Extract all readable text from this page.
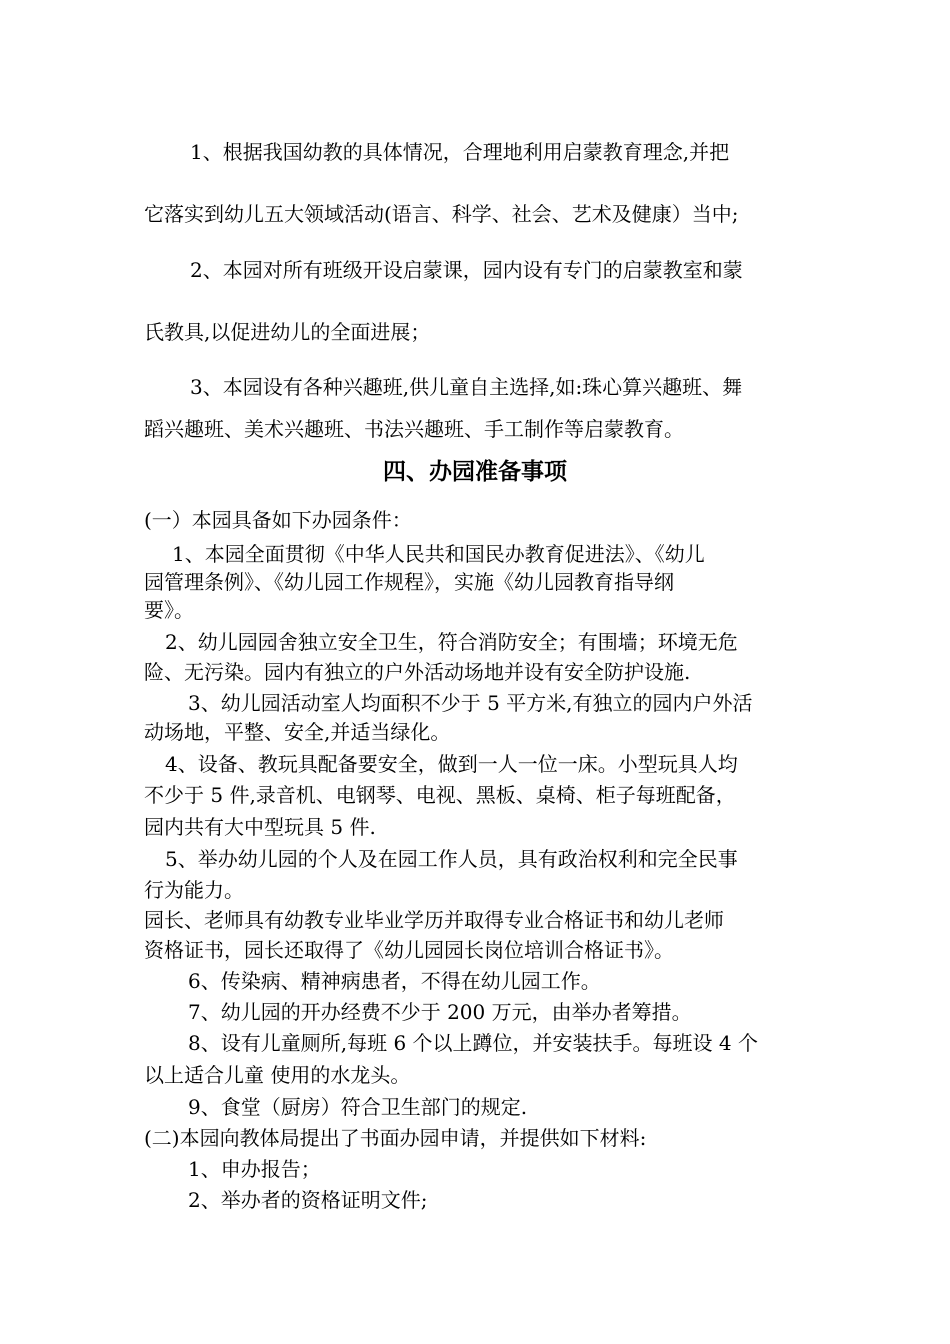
1、根据我国幼教的具体情况，合理地利用启蒙教育理念,并把
它落实到幼儿五大领域活动(语言、科学、社会、艺术及健康）当中;
2、本园对所有班级开设启蒙课，园内设有专门的启蒙教室和蒙
氏教具,以促进幼儿的全面进展；
3、本园设有各种兴趣班,供儿童自主选择,如:珠心算兴趣班、舞
蹈兴趣班、美术兴趣班、书法兴趣班、手工制作等启蒙教育。
四、办园准备事项
(一）本园具备如下办园条件：
1、本园全面贯彻《中华人民共和国民办教育促进法》、《幼儿
园管理条例》、《幼儿园工作规程》，实施《幼儿园教育指导纲
要》。
2、幼儿园园舍独立安全卫生，符合消防安全；有围墙；环境无危
险、无污染。园内有独立的户外活动场地并设有安全防护设施.
3、幼儿园活动室人均面积不少于 5 平方米,有独立的园内户外活
动场地，平整、安全,并适当绿化。
4、设备、教玩具配备要安全，做到一人一位一床。小型玩具人均
不少于 5 件,录音机、电钢琴、电视、黑板、桌椅、柜子每班配备，
园内共有大中型玩具 5 件.
5、举办幼儿园的个人及在园工作人员，具有政治权利和完全民事
行为能力。
园长、老师具有幼教专业毕业学历并取得专业合格证书和幼儿老师
资格证书，园长还取得了《幼儿园园长岗位培训合格证书》。
6、传染病、精神病患者，不得在幼儿园工作。
7、幼儿园的开办经费不少于 200 万元，由举办者筹措。
8、设有儿童厕所,每班 6 个以上蹲位，并安装扶手。每班设 4 个
以上适合儿童 使用的水龙头。
9、食堂（厨房）符合卫生部门的规定.
(二)本园向教体局提出了书面办园申请，并提供如下材料:
1、申办报告；
2、举办者的资格证明文件;
